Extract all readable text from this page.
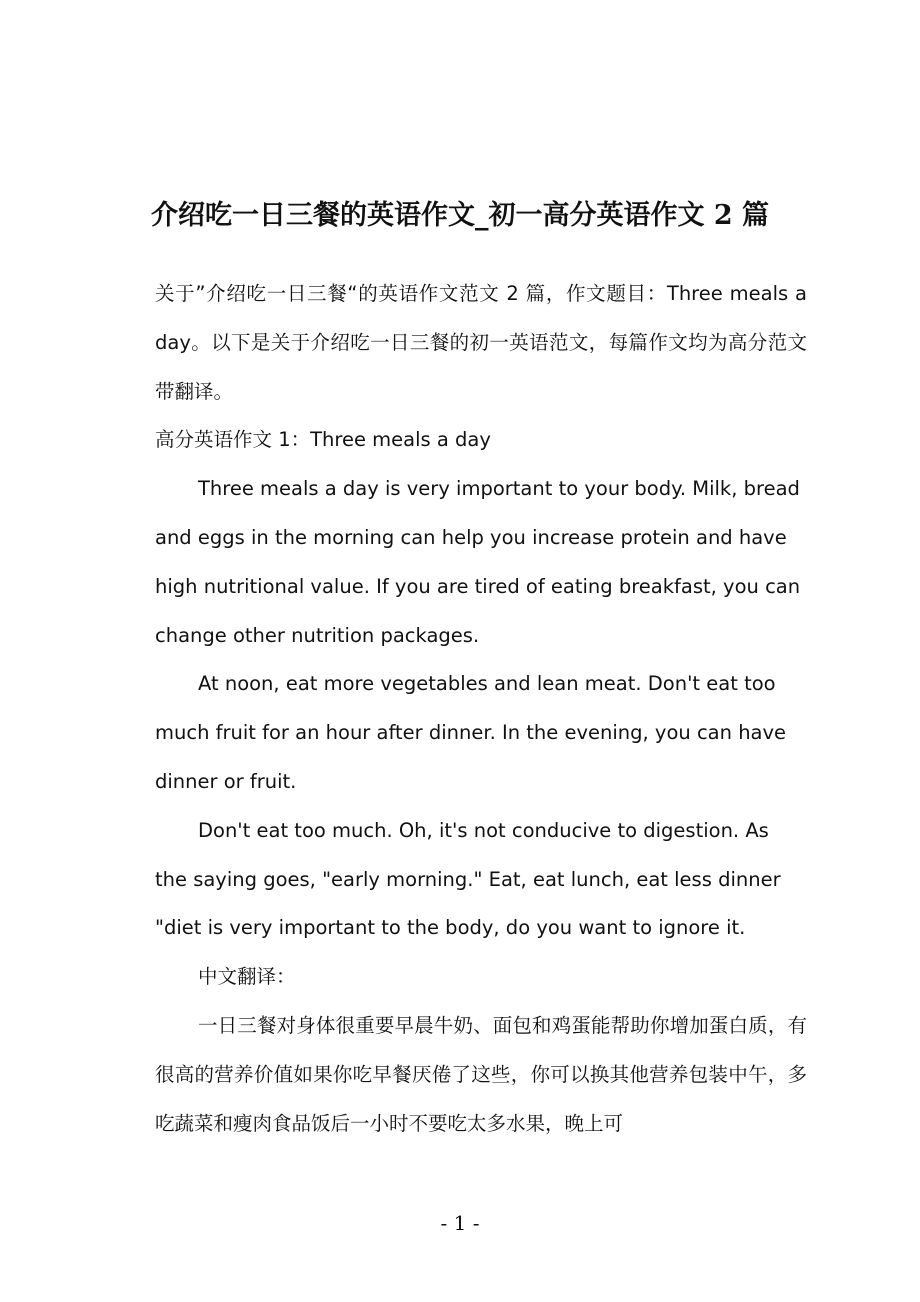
介绍吃一日三餐的英语作文_初一高分英语作文 2 篇

关于”介绍吃一日三餐“的英语作文范文 2 篇，作文题目：Three meals a day。以下是关于介绍吃一日三餐的初一英语范文，每篇作文均为高分范文带翻译。

高分英语作文 1：Three meals a day

Three meals a day is very important to your body. Milk, bread and eggs in the morning can help you increase protein and have high nutritional value. If you are tired of eating breakfast, you can change other nutrition packages.

At noon, eat more vegetables and lean meat. Don't eat too much fruit for an hour after dinner. In the evening, you can have dinner or fruit.

Don't eat too much. Oh, it's not conducive to digestion. As the saying goes, "early morning." Eat, eat lunch, eat less dinner "diet is very important to the body, do you want to ignore it.

中文翻译：

一日三餐对身体很重要早晨牛奶、面包和鸡蛋能帮助你增加蛋白质，有很高的营养价值如果你吃早餐厌倦了这些，你可以换其他营养包装中午，多吃蔬菜和瘦肉食品饭后一小时不要吃太多水果，晚上可

- 1 -
